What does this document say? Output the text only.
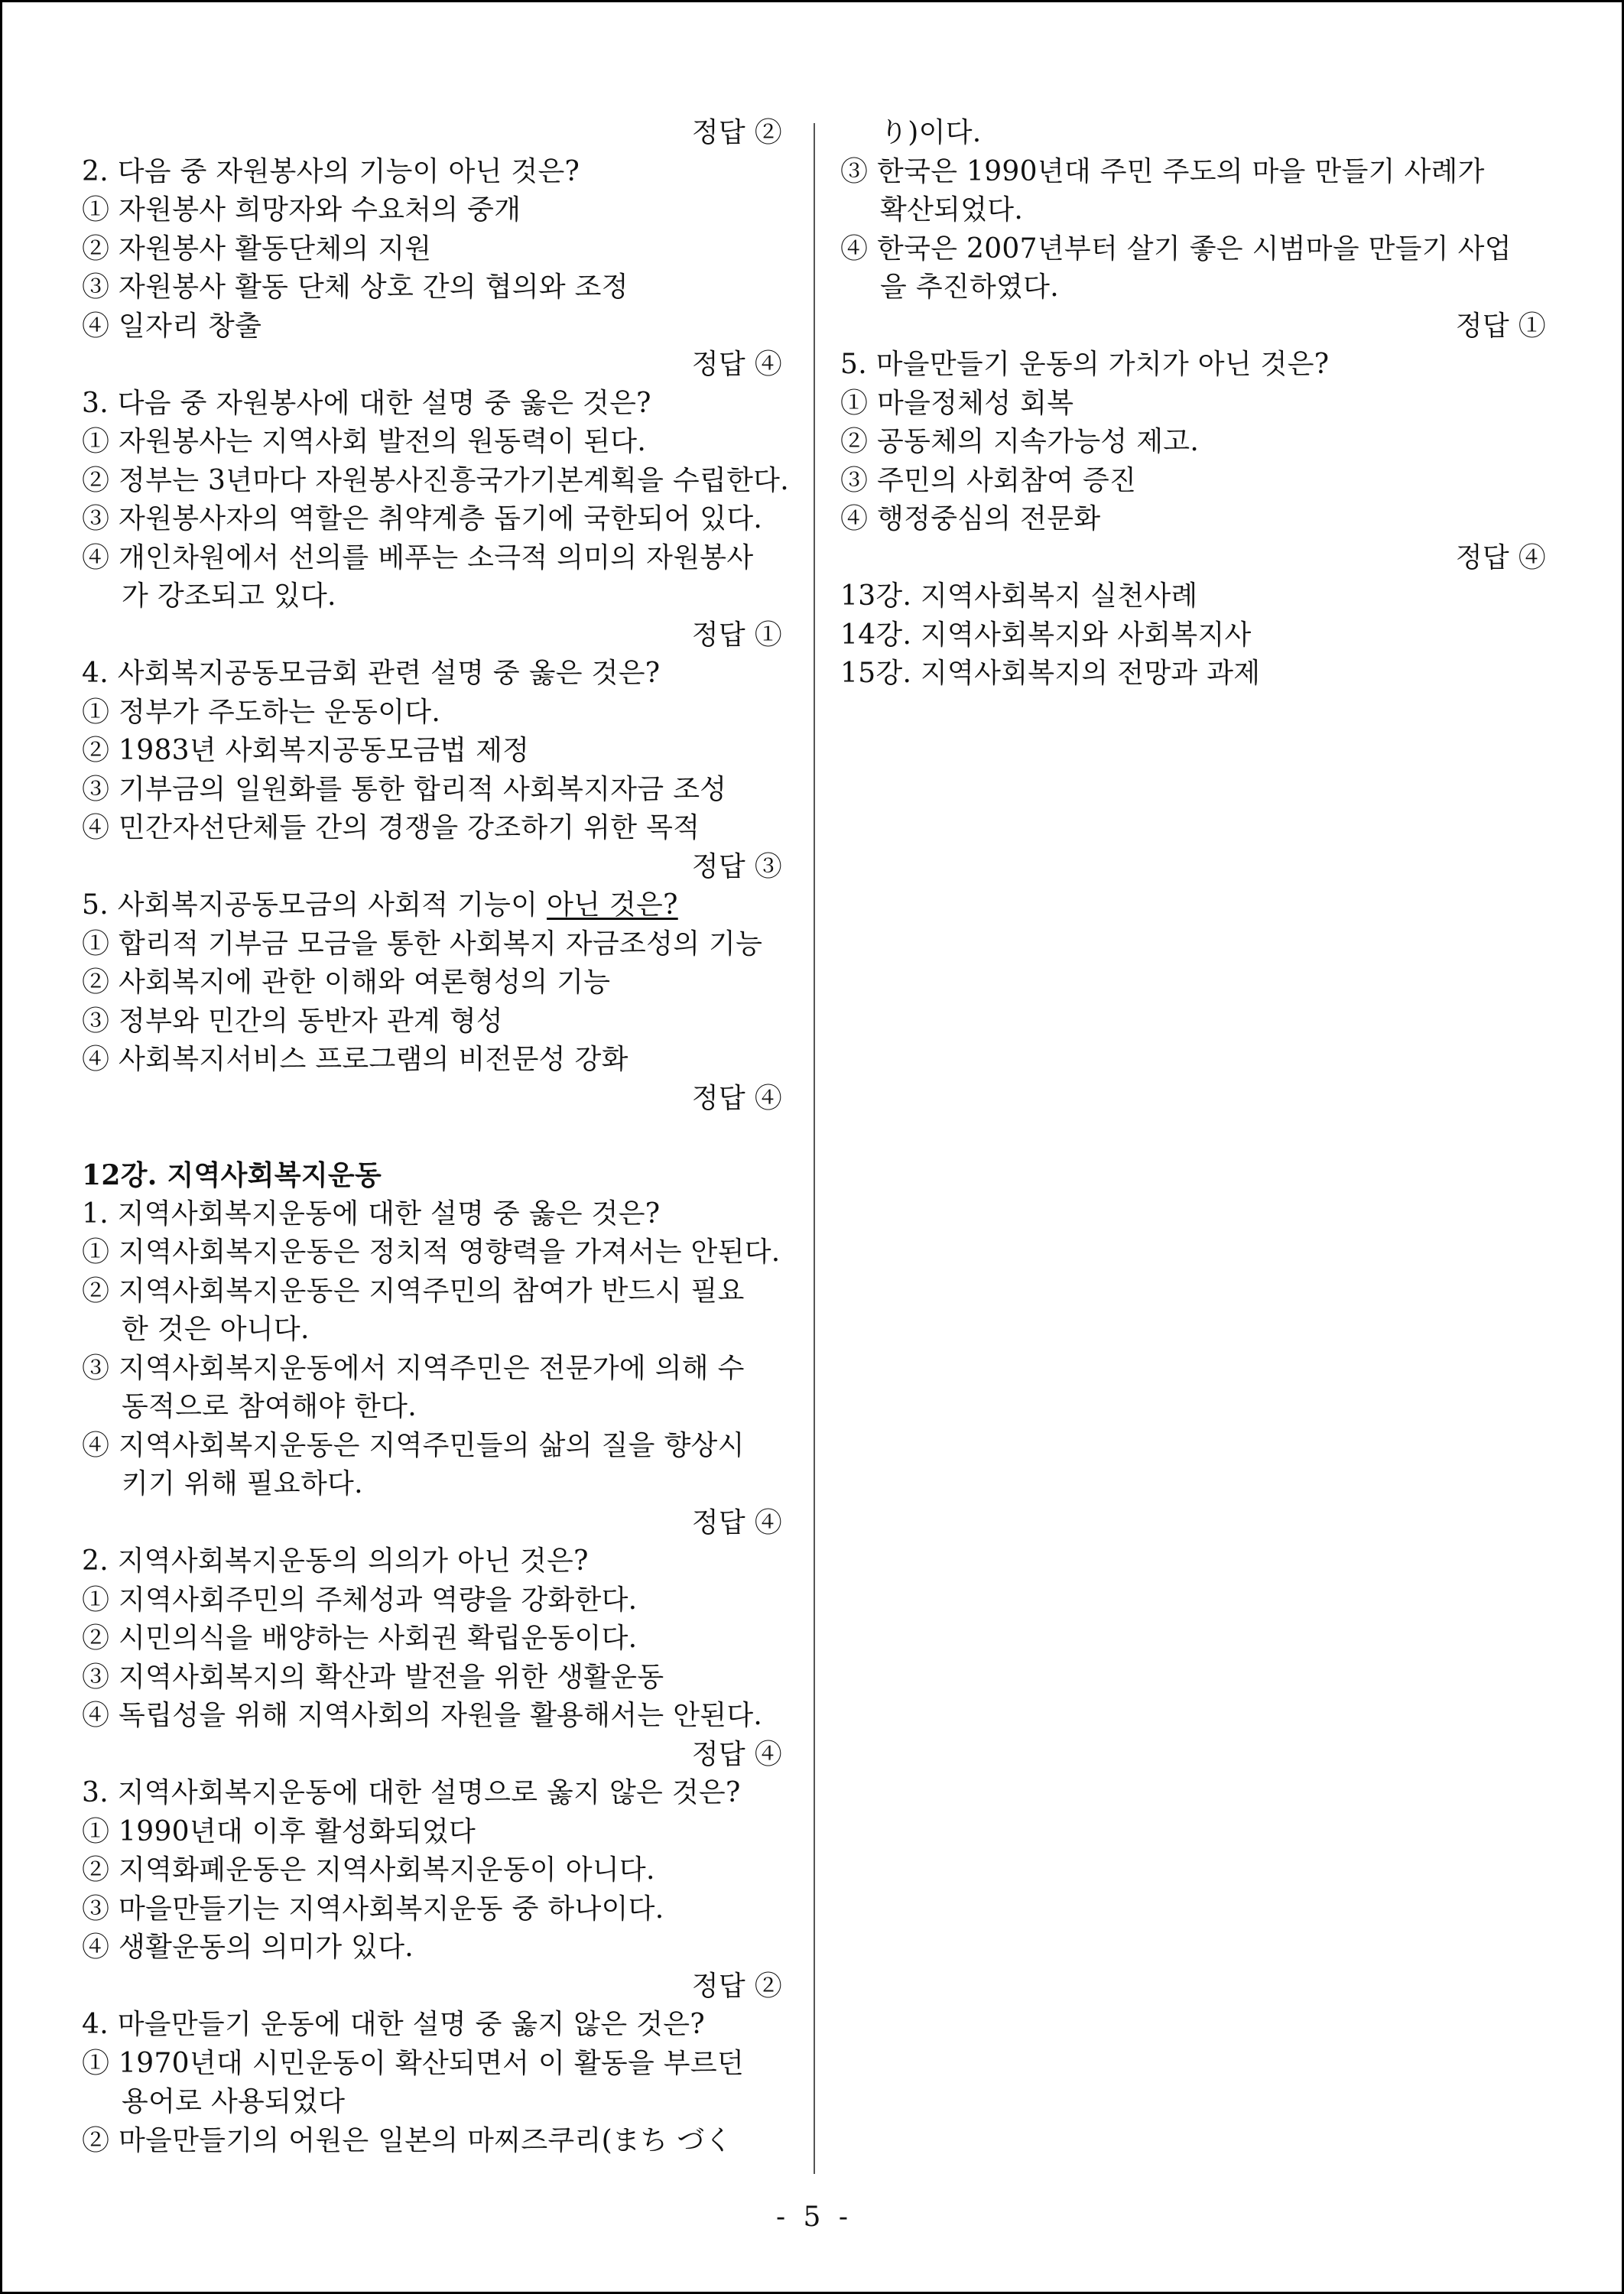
정답 ②
2. 다음 중 자원봉사의 기능이 아닌 것은?
① 자원봉사 희망자와 수요처의 중개
② 자원봉사 활동단체의 지원
③ 자원봉사 활동 단체 상호 간의 협의와 조정
④ 일자리 창출
정답 ④
3. 다음 중 자원봉사에 대한 설명 중 옳은 것은?
① 자원봉사는 지역사회 발전의 원동력이 된다.
② 정부는 3년마다 자원봉사진흥국가기본계획을 수립한다.
③ 자원봉사자의 역할은 취약계층 돕기에 국한되어 있다.
④ 개인차원에서 선의를 베푸는 소극적 의미의 자원봉사
가 강조되고 있다.
정답 ①
4. 사회복지공동모금회 관련 설명 중 옳은 것은?
① 정부가 주도하는 운동이다.
② 1983년 사회복지공동모금법 제정
③ 기부금의 일원화를 통한 합리적 사회복지자금 조성
④ 민간자선단체들 간의 경쟁을 강조하기 위한 목적
정답 ③
5. 사회복지공동모금의 사회적 기능이 아닌 것은?
① 합리적 기부금 모금을 통한 사회복지 자금조성의 기능
② 사회복지에 관한 이해와 여론형성의 기능
③ 정부와 민간의 동반자 관계 형성
④ 사회복지서비스 프로그램의 비전문성 강화
정답 ④
12강. 지역사회복지운동
1. 지역사회복지운동에 대한 설명 중 옳은 것은?
① 지역사회복지운동은 정치적 영향력을 가져서는 안된다.
② 지역사회복지운동은 지역주민의 참여가 반드시 필요
한 것은 아니다.
③ 지역사회복지운동에서 지역주민은 전문가에 의해 수
동적으로 참여해야 한다.
④ 지역사회복지운동은 지역주민들의 삶의 질을 향상시
키기 위해 필요하다.
정답 ④
2. 지역사회복지운동의 의의가 아닌 것은?
① 지역사회주민의 주체성과 역량을 강화한다.
② 시민의식을 배양하는 사회권 확립운동이다.
③ 지역사회복지의 확산과 발전을 위한 생활운동
④ 독립성을 위해 지역사회의 자원을 활용해서는 안된다.
정답 ④
3. 지역사회복지운동에 대한 설명으로 옳지 않은 것은?
① 1990년대 이후 활성화되었다
② 지역화폐운동은 지역사회복지운동이 아니다.
③ 마을만들기는 지역사회복지운동 중 하나이다.
④ 생활운동의 의미가 있다.
정답 ②
4. 마을만들기 운동에 대한 설명 중 옳지 않은 것은?
① 1970년대 시민운동이 확산되면서 이 활동을 부르던
용어로 사용되었다
② 마을만들기의 어원은 일본의 마찌즈쿠리(まち づく
り)이다.
③ 한국은 1990년대 주민 주도의 마을 만들기 사례가
확산되었다.
④ 한국은 2007년부터 살기 좋은 시범마을 만들기 사업
을 추진하였다.
정답 ①
5. 마을만들기 운동의 가치가 아닌 것은?
① 마을정체성 회복
② 공동체의 지속가능성 제고.
③ 주민의 사회참여 증진
④ 행정중심의 전문화
정답 ④
13강. 지역사회복지 실천사례
14강. 지역사회복지와 사회복지사
15강. 지역사회복지의 전망과 과제
- 5 -
